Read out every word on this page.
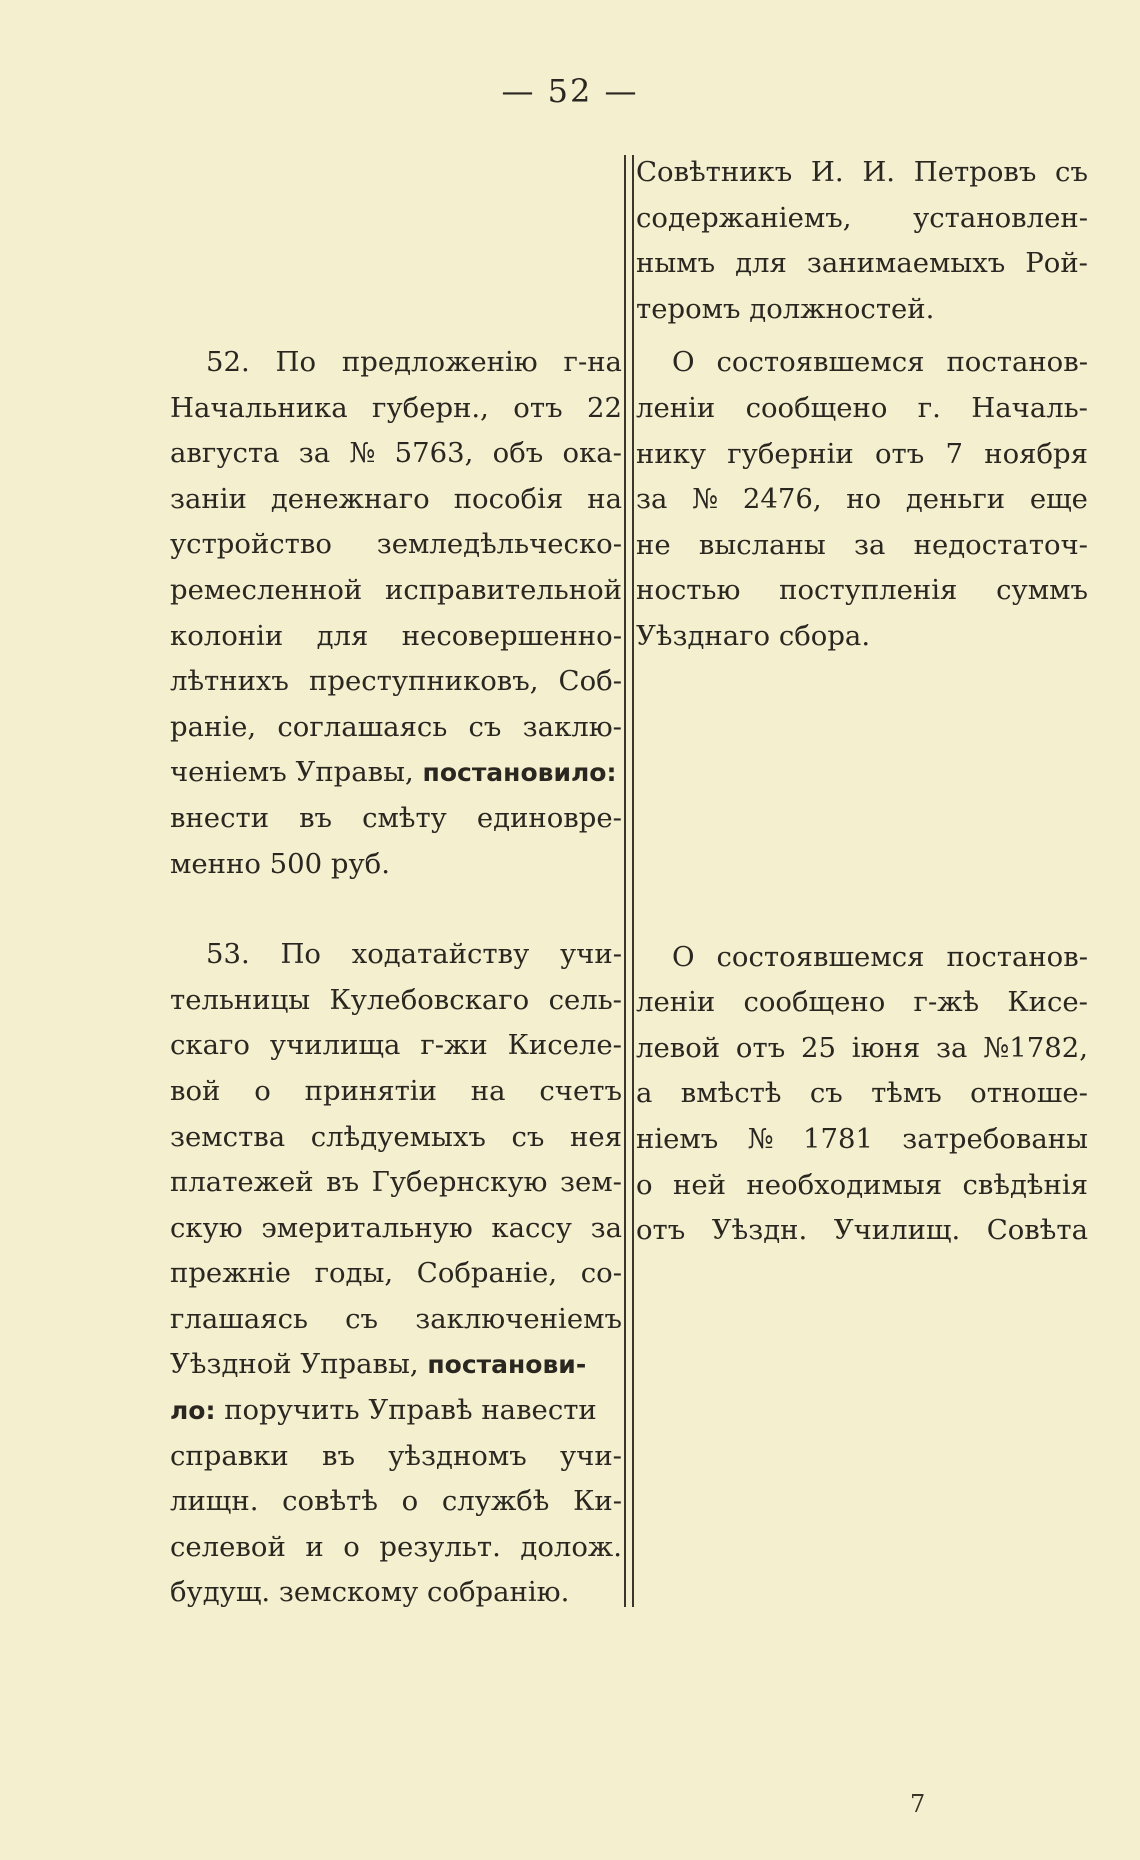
— 52 —

52. По предложенію г-на
Начальника губерн., отъ 22
августа за № 5763, объ ока-
заніи денежнаго пособія на
устройство земледѣльческо-
ремесленной исправительной
колоніи для несовершенно-
лѣтнихъ преступниковъ, Соб-
раніе, соглашаясь съ заклю-
ченіемъ Управы, постановило:
внести въ смѣту единовре-
менно 500 руб.
53. По ходатайству учи-
тельницы Кулебовскаго сель-
скаго училища г-жи Киселе-
вой о принятіи на счетъ
земства слѣдуемыхъ съ нея
платежей въ Губернскую зем-
скую эмеритальную кассу за
прежніе годы, Собраніе, со-
глашаясь съ заключеніемъ
Уѣздной Управы, постанови-
ло: поручить Управѣ навести
справки въ уѣздномъ учи-
лищн. совѣтѣ о службѣ Ки-
селевой и о результ. долож.
будущ. земскому собранію.
Совѣтникъ И. И. Петровъ съ
содержаніемъ, установлен-
нымъ для занимаемыхъ Рой-
теромъ должностей.
О состоявшемся постанов-
леніи сообщено г. Началь-
нику губерніи отъ 7 ноября
за № 2476, но деньги еще
не высланы за недостаточ-
ностью поступленія суммъ
Уѣзднаго сбора.
О состоявшемся постанов-
леніи сообщено г-жѣ Кисе-
левой отъ 25 іюня за №1782,
а вмѣстѣ съ тѣмъ отноше-
ніемъ № 1781 затребованы
о ней необходимыя свѣдѣнія
отъ Уѣздн. Училищ. Совѣта
7
